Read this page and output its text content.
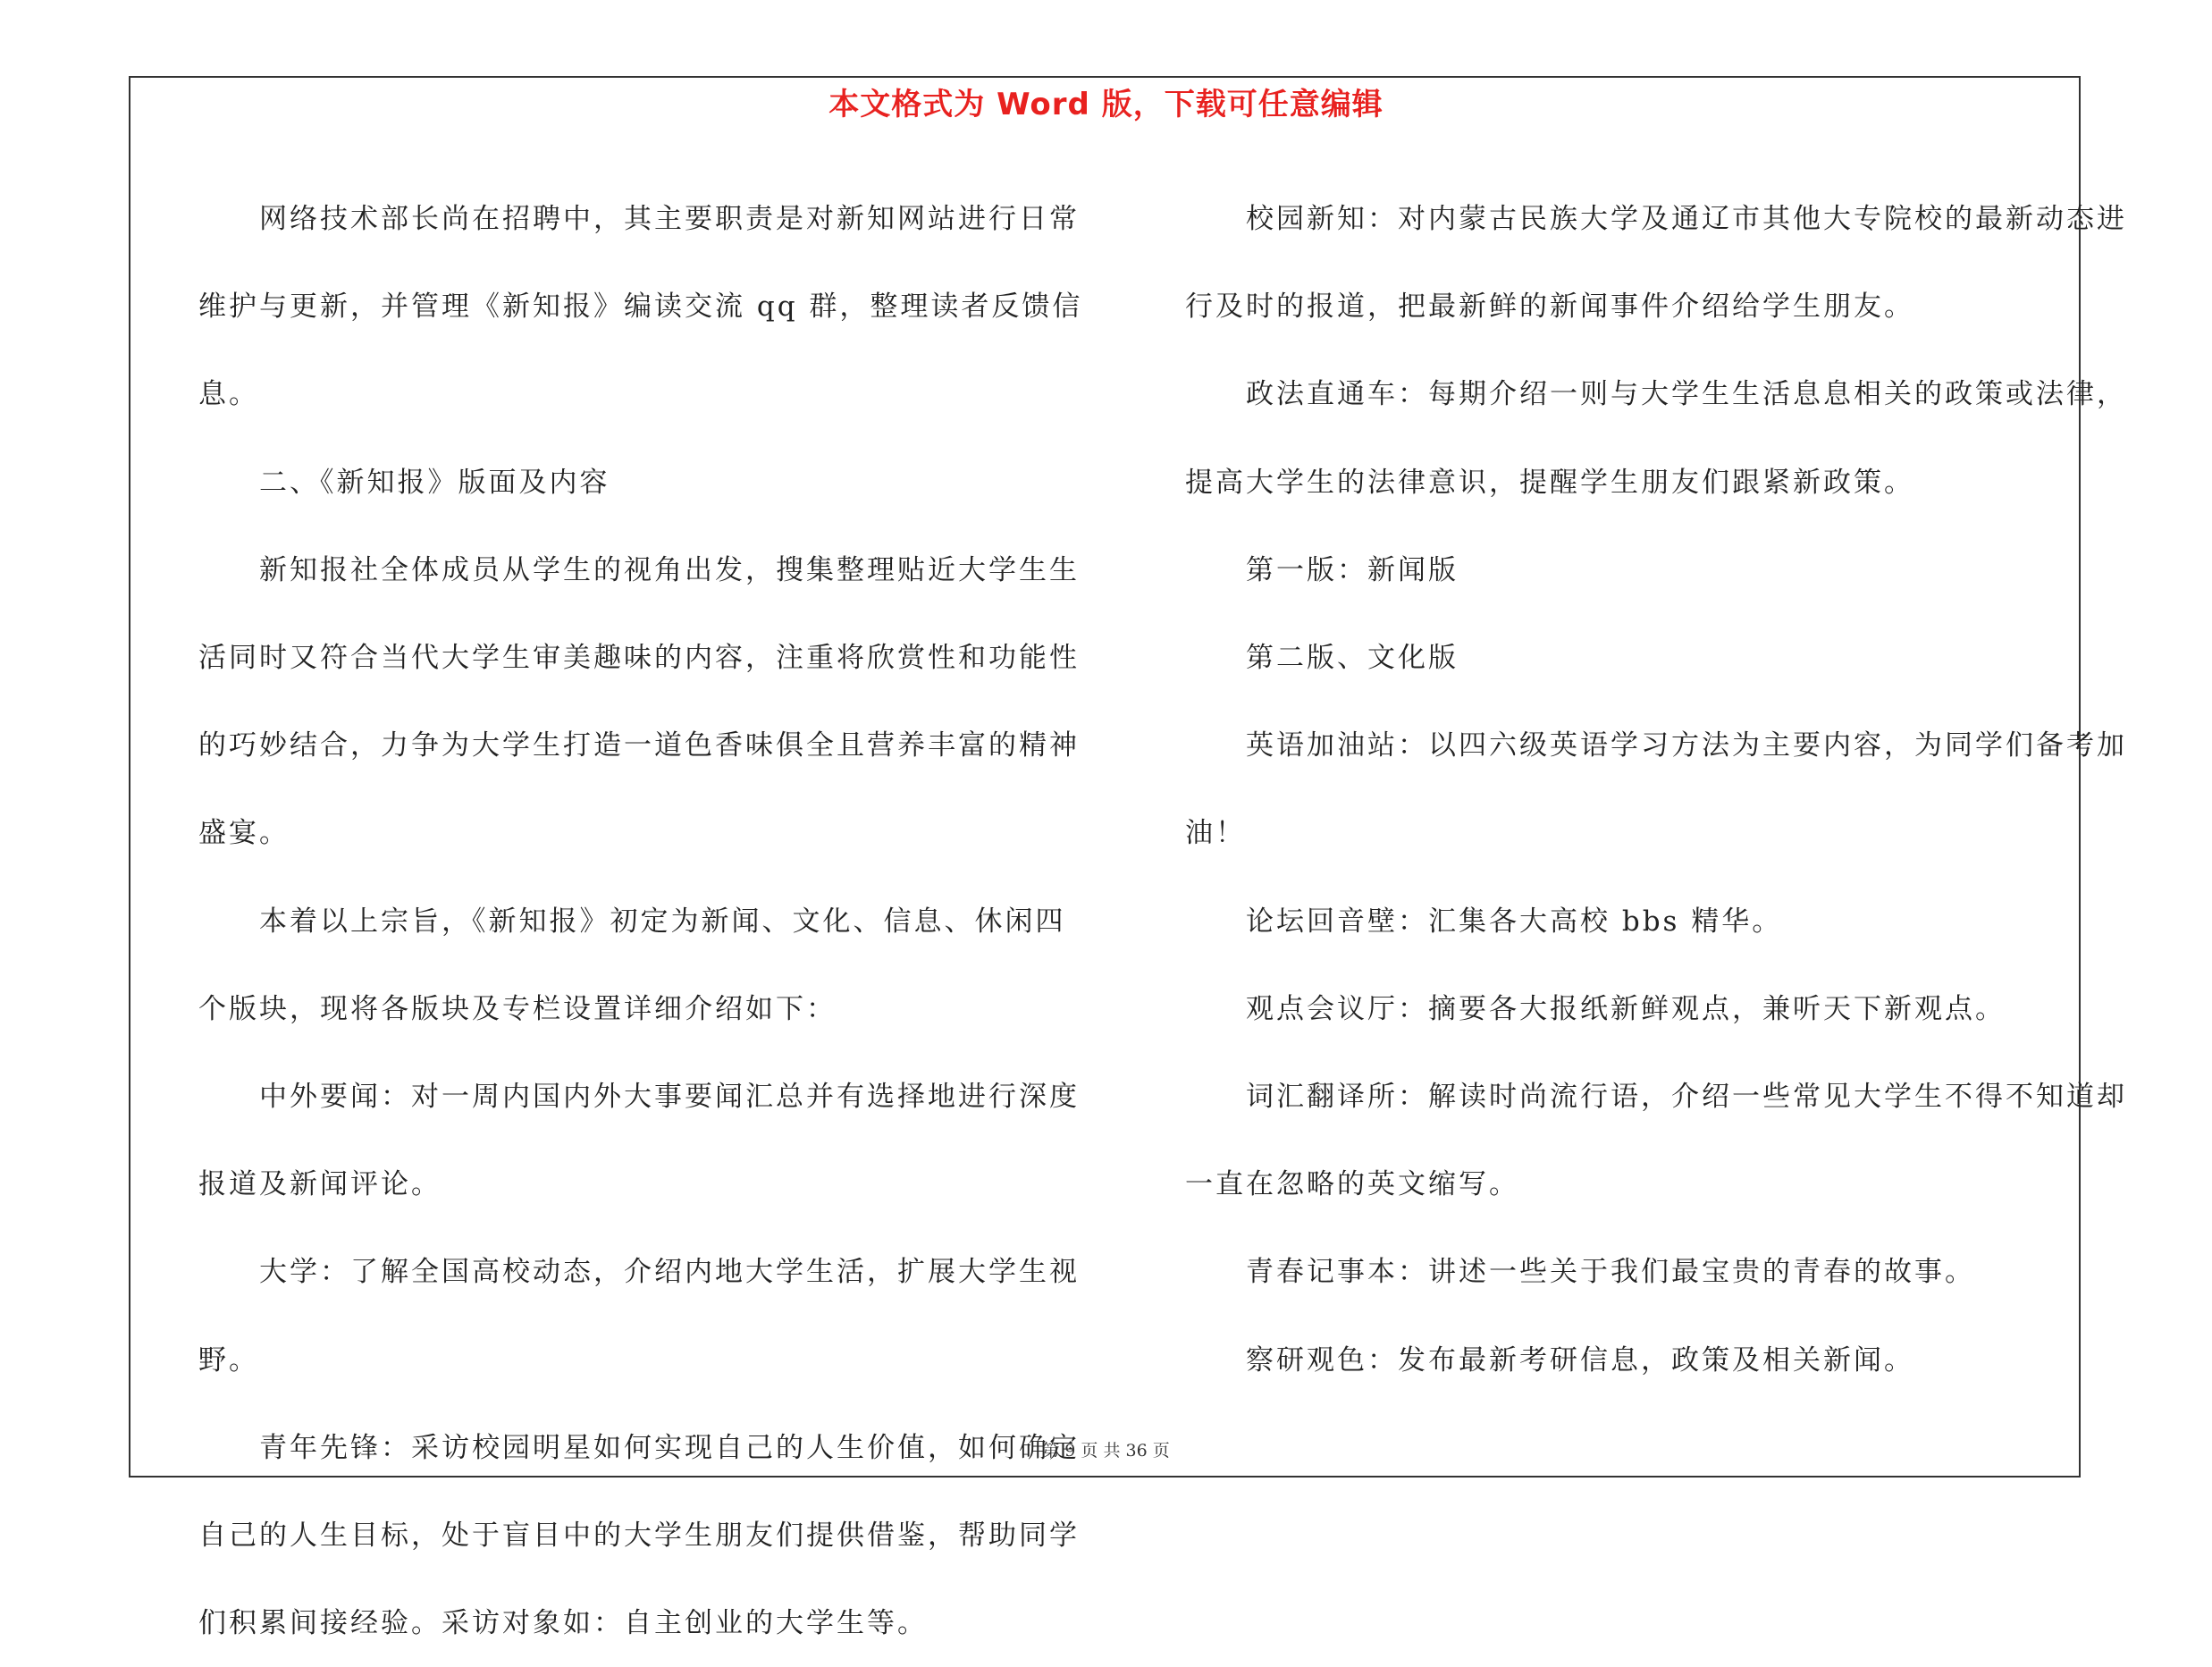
本文格式为 Word 版，下载可任意编辑

网络技术部长尚在招聘中，其主要职责是对新知网站进行日常维护与更新，并管理《新知报》编读交流 qq 群，整理读者反馈信息。

二、《新知报》版面及内容

新知报社全体成员从学生的视角出发，搜集整理贴近大学生生活同时又符合当代大学生审美趣味的内容，注重将欣赏性和功能性的巧妙结合，力争为大学生打造一道色香味俱全且营养丰富的精神盛宴。

本着以上宗旨，《新知报》初定为新闻、文化、信息、休闲四个版块，现将各版块及专栏设置详细介绍如下：

中外要闻：对一周内国内外大事要闻汇总并有选择地进行深度报道及新闻评论。

大学：了解全国高校动态，介绍内地大学生活，扩展大学生视野。

青年先锋：采访校园明星如何实现自己的人生价值，如何确定自己的人生目标，处于盲目中的大学生朋友们提供借鉴，帮助同学们积累间接经验。采访对象如：自主创业的大学生等。

校园新知：对内蒙古民族大学及通辽市其他大专院校的最新动态进行及时的报道，把最新鲜的新闻事件介绍给学生朋友。

政法直通车：每期介绍一则与大学生生活息息相关的政策或法律，提高大学生的法律意识，提醒学生朋友们跟紧新政策。

第一版：新闻版

第二版、文化版

英语加油站：以四六级英语学习方法为主要内容，为同学们备考加油！

论坛回音壁：汇集各大高校 bbs 精华。

观点会议厅：摘要各大报纸新鲜观点，兼听天下新观点。

词汇翻译所：解读时尚流行语，介绍一些常见大学生不得不知道却一直在忽略的英文缩写。

青春记事本：讲述一些关于我们最宝贵的青春的故事。

察研观色：发布最新考研信息，政策及相关新闻。

第 9 页 共 36 页
